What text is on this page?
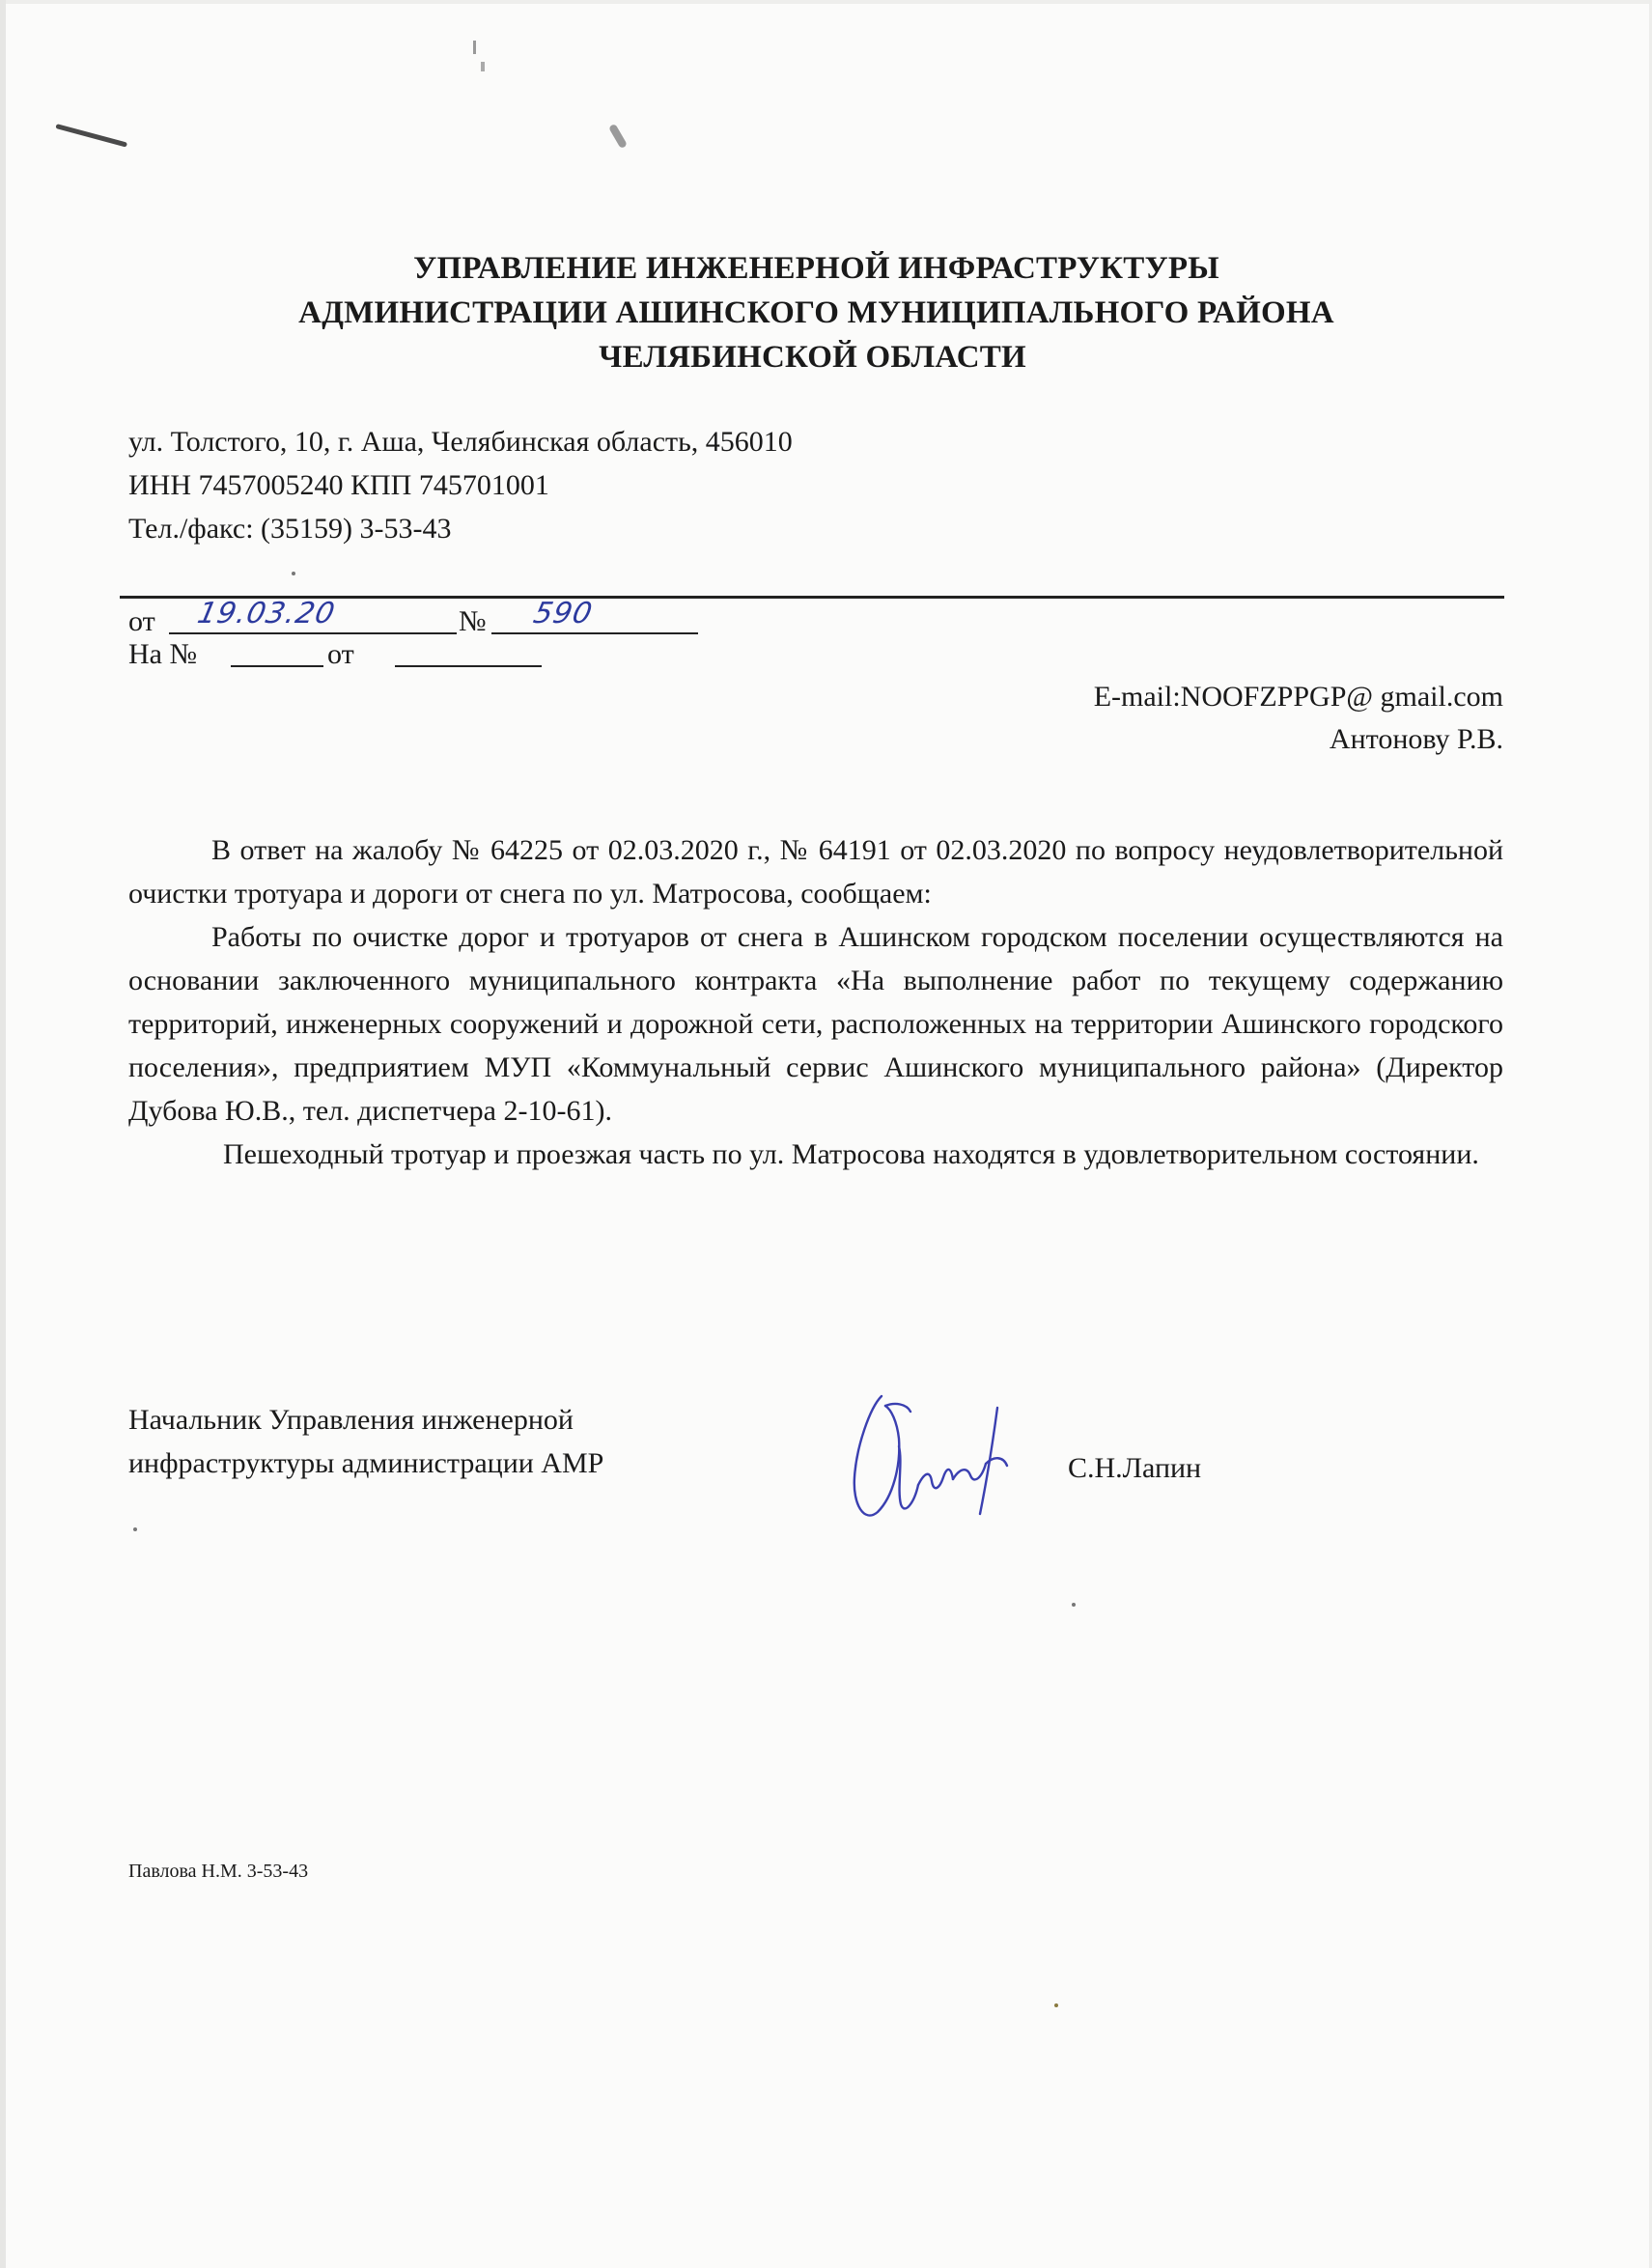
УПРАВЛЕНИЕ ИНЖЕНЕРНОЙ ИНФРАСТРУКТУРЫ
АДМИНИСТРАЦИИ АШИНСКОГО МУНИЦИПАЛЬНОГО РАЙОНА
ЧЕЛЯБИНСКОЙ ОБЛАСТИ
ул. Толстого, 10, г. Аша, Челябинская область, 456010
ИНН 7457005240 КПП 745701001
Тел./факс: (35159) 3-53-43
от 19.03.20	№ 590
На №	от
E-mail:NOOFZPPGP@ gmail.com
Антонову Р.В.

В ответ на жалобу № 64225 от 02.03.2020 г., № 64191 от 02.03.2020 по вопросу неудовлетворительной очистки тротуара и дороги от снега по ул. Матросова, сообщаем:

Работы по очистке дорог и тротуаров от снега в Ашинском городском поселении осуществляются на основании заключенного муниципального контракта «На выполнение работ по текущему содержанию территорий, инженерных сооружений и дорожной сети, расположенных на территории Ашинского городского поселения», предприятием МУП «Коммунальный сервис Ашинского муниципального района» (Директор Дубова Ю.В., тел. диспетчера 2-10-61).

Пешеходный тротуар и проезжая часть по ул. Матросова находятся в удовлетворительном состоянии.

Начальник Управления инженерной
инфраструктуры администрации АМР	С.Н.Лапин
Павлова Н.М. 3-53-43
